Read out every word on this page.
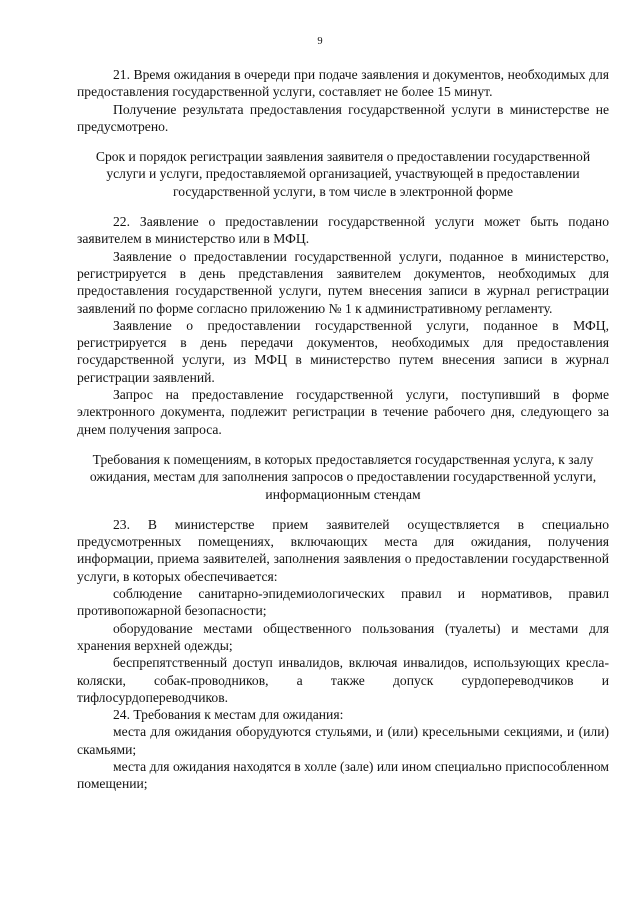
9

21. Время ожидания в очереди при подаче заявления и документов, необходимых для предоставления государственной услуги, составляет не более 15 минут.

Получение результата предоставления государственной услуги в министерстве не предусмотрено.

Срок и порядок регистрации заявления заявителя о предоставлении государственной услуги и услуги, предоставляемой организацией, участвующей в предоставлении государственной услуги, в том числе в электронной форме

22. Заявление о предоставлении государственной услуги может быть подано заявителем в министерство или в МФЦ.

Заявление о предоставлении государственной услуги, поданное в министерство, регистрируется в день представления заявителем документов, необходимых для предоставления государственной услуги, путем внесения записи в журнал регистрации заявлений по форме согласно приложению № 1 к административному регламенту.

Заявление о предоставлении государственной услуги, поданное в МФЦ, регистрируется в день передачи документов, необходимых для предоставления государственной услуги, из МФЦ в министерство путем внесения записи в журнал регистрации заявлений.

Запрос на предоставление государственной услуги, поступивший в форме электронного документа, подлежит регистрации в течение рабочего дня, следующего за днем получения запроса.

Требования к помещениям, в которых предоставляется государственная услуга, к залу ожидания, местам для заполнения запросов о предоставлении государственной услуги, информационным стендам

23. В министерстве прием заявителей осуществляется в специально предусмотренных помещениях, включающих места для ожидания, получения информации, приема заявителей, заполнения заявления о предоставлении государственной услуги, в которых обеспечивается:

соблюдение санитарно-эпидемиологических правил и нормативов, правил противопожарной безопасности;

оборудование местами общественного пользования (туалеты) и местами для хранения верхней одежды;

беспрепятственный доступ инвалидов, включая инвалидов, использующих кресла-коляски, собак-проводников, а также допуск сурдопереводчиков и тифлосурдопереводчиков.

24. Требования к местам для ожидания:

места для ожидания оборудуются стульями, и (или) кресельными секциями, и (или) скамьями;

места для ожидания находятся в холле (зале) или ином специально приспособленном помещении;
